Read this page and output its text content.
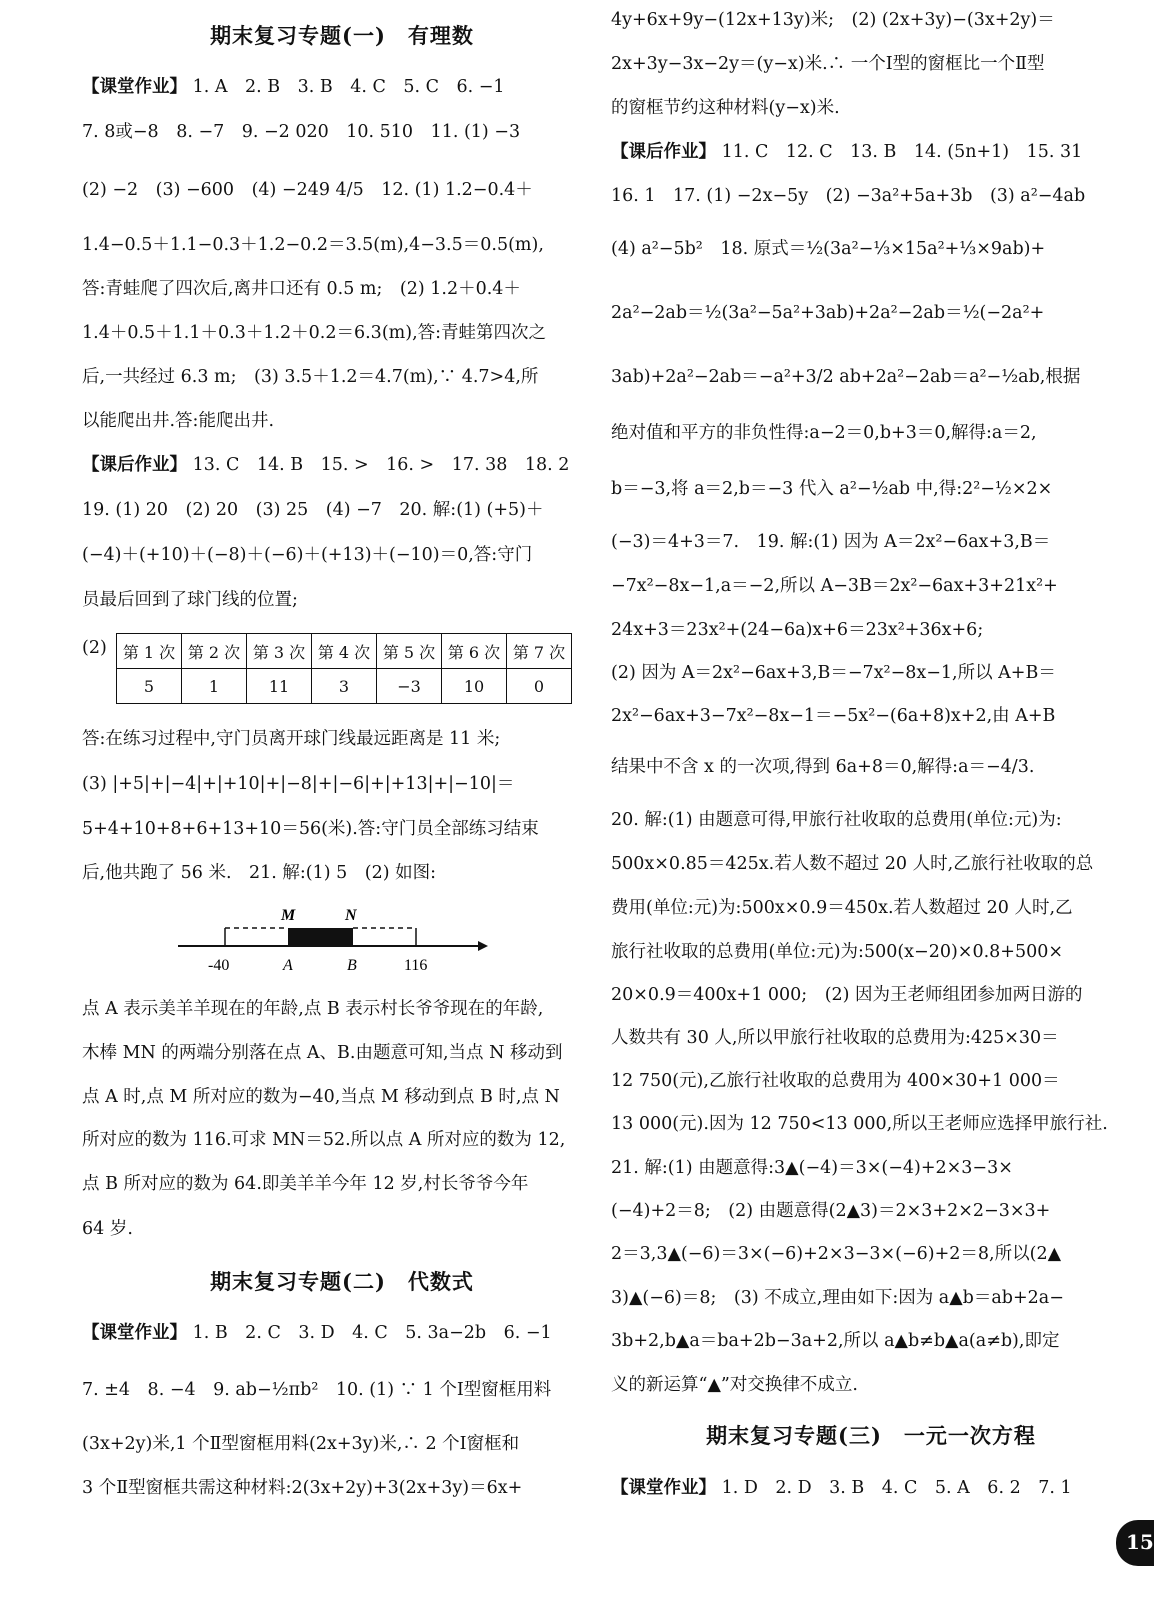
期末复习专题(一)　有理数
【课堂作业】 1. A　2. B　3. B　4. C　5. C　6. −1
7. 8或−8　8. −7　9. −2 020　10. 510　11. (1) −3
(2) −2　(3) −600　(4) −249 4/5　12. (1) 1.2−0.4＋
1.4−0.5＋1.1−0.3＋1.2−0.2＝3.5(m),4−3.5＝0.5(m),
答:青蛙爬了四次后,离井口还有 0.5 m;　(2) 1.2＋0.4＋
1.4＋0.5＋1.1＋0.3＋1.2＋0.2＝6.3(m),答:青蛙第四次之
后,一共经过 6.3 m;　(3) 3.5＋1.2＝4.7(m),∵ 4.7>4,所
以能爬出井.答:能爬出井.
【课后作业】 13. C　14. B　15. >　16. >　17. 38　18. 2
19. (1) 20　(2) 20　(3) 25　(4) −7　20. 解:(1) (+5)＋
(−4)＋(+10)＋(−8)＋(−6)＋(+13)＋(−10)＝0,答:守门
员最后回到了球门线的位置;
(2) 第 1 次	第 2 次	第 3 次	第 4 次	第 5 次	第 6 次	第 7 次
5	1	11	3	−3	10	0
答:在练习过程中,守门员离开球门线最远距离是 11 米;
(3) |+5|+|−4|+|+10|+|−8|+|−6|+|+13|+|−10|＝
5+4+10+8+6+13+10＝56(米).答:守门员全部练习结束
后,他共跑了 56 米.　21. 解:(1) 5　(2) 如图:
M	N
-40	A	B	116
点 A 表示美羊羊现在的年龄,点 B 表示村长爷爷现在的年龄,
木棒 MN 的两端分别落在点 A、B.由题意可知,当点 N 移动到
点 A 时,点 M 所对应的数为−40,当点 M 移动到点 B 时,点 N
所对应的数为 116.可求 MN＝52.所以点 A 所对应的数为 12,
点 B 所对应的数为 64.即美羊羊今年 12 岁,村长爷爷今年
64 岁.
期末复习专题(二)　代数式
【课堂作业】 1. B　2. C　3. D　4. C　5. 3a−2b　6. −1
7. ±4　8. −4　9. ab−½πb²　10. (1) ∵ 1 个Ⅰ型窗框用料
(3x+2y)米,1 个Ⅱ型窗框用料(2x+3y)米,∴ 2 个Ⅰ窗框和
3 个Ⅱ型窗框共需这种材料:2(3x+2y)+3(2x+3y)＝6x+
4y+6x+9y−(12x+13y)米;　(2) (2x+3y)−(3x+2y)＝
2x+3y−3x−2y＝(y−x)米.∴ 一个Ⅰ型的窗框比一个Ⅱ型
的窗框节约这种材料(y−x)米.
【课后作业】 11. C　12. C　13. B　14. (5n+1)　15. 31
16. 1　17. (1) −2x−5y　(2) −3a²+5a+3b　(3) a²−4ab
(4) a²−5b²　18. 原式＝½(3a²−⅓×15a²+⅓×9ab)+
2a²−2ab＝½(3a²−5a²+3ab)+2a²−2ab＝½(−2a²+
3ab)+2a²−2ab＝−a²+3/2 ab+2a²−2ab＝a²−½ab,根据
绝对值和平方的非负性得:a−2＝0,b+3＝0,解得:a＝2,
b＝−3,将 a＝2,b＝−3 代入 a²−½ab 中,得:2²−½×2×
(−3)＝4+3＝7.　19. 解:(1) 因为 A＝2x²−6ax+3,B＝
−7x²−8x−1,a＝−2,所以 A−3B＝2x²−6ax+3+21x²+
24x+3＝23x²+(24−6a)x+6＝23x²+36x+6;
(2) 因为 A＝2x²−6ax+3,B＝−7x²−8x−1,所以 A+B＝
2x²−6ax+3−7x²−8x−1＝−5x²−(6a+8)x+2,由 A+B
结果中不含 x 的一次项,得到 6a+8＝0,解得:a＝−4/3.
20. 解:(1) 由题意可得,甲旅行社收取的总费用(单位:元)为:
500x×0.85＝425x.若人数不超过 20 人时,乙旅行社收取的总
费用(单位:元)为:500x×0.9＝450x.若人数超过 20 人时,乙
旅行社收取的总费用(单位:元)为:500(x−20)×0.8+500×
20×0.9＝400x+1 000;　(2) 因为王老师组团参加两日游的
人数共有 30 人,所以甲旅行社收取的总费用为:425×30＝
12 750(元),乙旅行社收取的总费用为 400×30+1 000＝
13 000(元).因为 12 750<13 000,所以王老师应选择甲旅行社.
21. 解:(1) 由题意得:3▲(−4)＝3×(−4)+2×3−3×
(−4)+2＝8;　(2) 由题意得(2▲3)＝2×3+2×2−3×3+
2＝3,3▲(−6)＝3×(−6)+2×3−3×(−6)+2＝8,所以(2▲
3)▲(−6)＝8;　(3) 不成立,理由如下:因为 a▲b＝ab+2a−
3b+2,b▲a＝ba+2b−3a+2,所以 a▲b≠b▲a(a≠b),即定
义的新运算“▲”对交换律不成立.
期末复习专题(三)　一元一次方程
【课堂作业】 1. D　2. D　3. B　4. C　5. A　6. 2　7. 1
15
